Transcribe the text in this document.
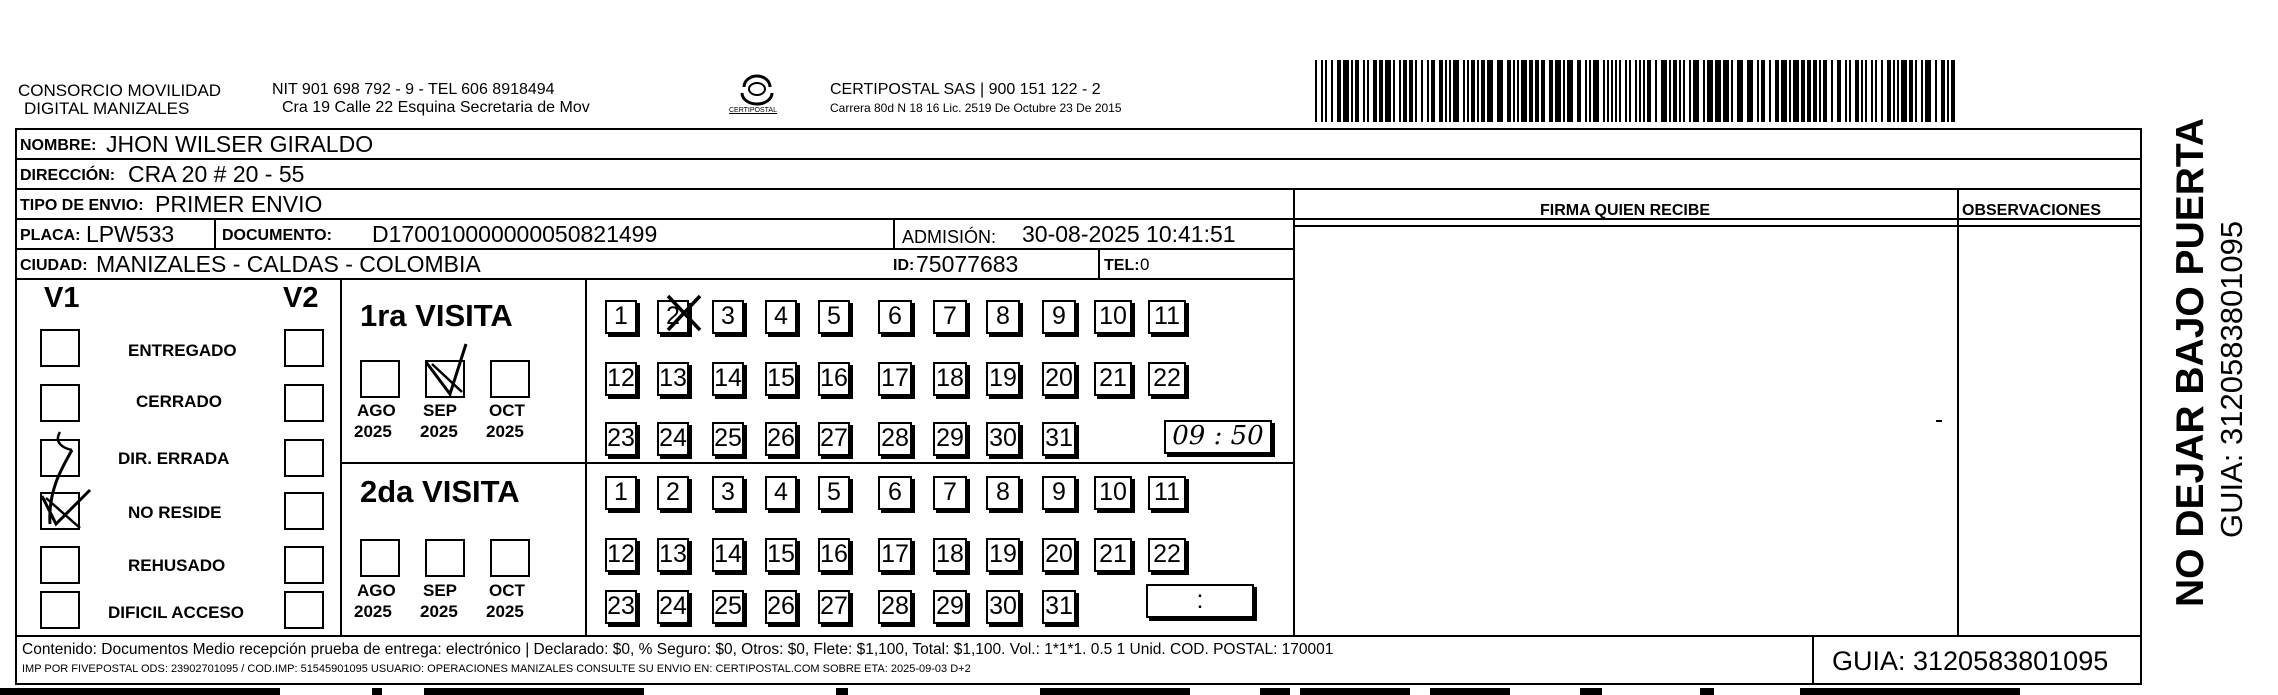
CONSORCIO MOVILIDAD
DIGITAL MANIZALES
NIT 901 698 792 - 9 - TEL 606 8918494
Cra 19 Calle 22 Esquina Secretaria de Mov	CERTIPOSTAL
CERTIPOSTAL SAS | 900 151 122 - 2
Carrera 80d N 18 16 Lic. 2519 De Octubre 23 De 2015
NOMBRE: JHON WILSER GIRALDO
DIRECCIÓN: CRA 20 # 20 - 55
TIPO DE ENVIO: PRIMER ENVIO	FIRMA QUIEN RECIBE	OBSERVACIONES
PLACA: LPW533	DOCUMENTO: D170010000000050821499	ADMISIÓN: 30-08-2025 10:41:51
CIUDAD: MANIZALES - CALDAS - COLOMBIA	ID: 75077683	TEL: 0
V1	V2
ENTREGADO
CERRADO
DIR. ERRADA
NO RESIDE
REHUSADO
DIFICIL ACCESO
1ra VISITA
AGO SEP OCT
2025 2025 2025
1	2	3	4	5	6	7	8	9	10 11
12 13 14 15 16 17 18 19 20 21 22
23 24 25 26 27 28 29 30 31	09 : 50
2da VISITA
AGO SEP OCT
2025 2025 2025
1	2	3	4	5	6	7	8	9	10 11
12 13 14 15 16 17 18 19 20 21 22
23 24 25 26 27 28 29 30 31	:
Contenido: Documentos Medio recepción prueba de entrega: electrónico | Declarado: $0, % Seguro: $0, Otros: $0, Flete: $1,100, Total: $1,100. Vol.: 1*1*1. 0.5 1 Unid. COD. POSTAL: 170001
IMP POR FIVEPOSTAL ODS: 23902701095 / COD.IMP: 51545901095 USUARIO: OPERACIONES MANIZALES CONSULTE SU ENVIO EN: CERTIPOSTAL.COM SOBRE ETA: 2025-09-03 D+2	GUIA: 3120583801095
NO DEJAR BAJO PUERTA GUIA: 3120583801095
